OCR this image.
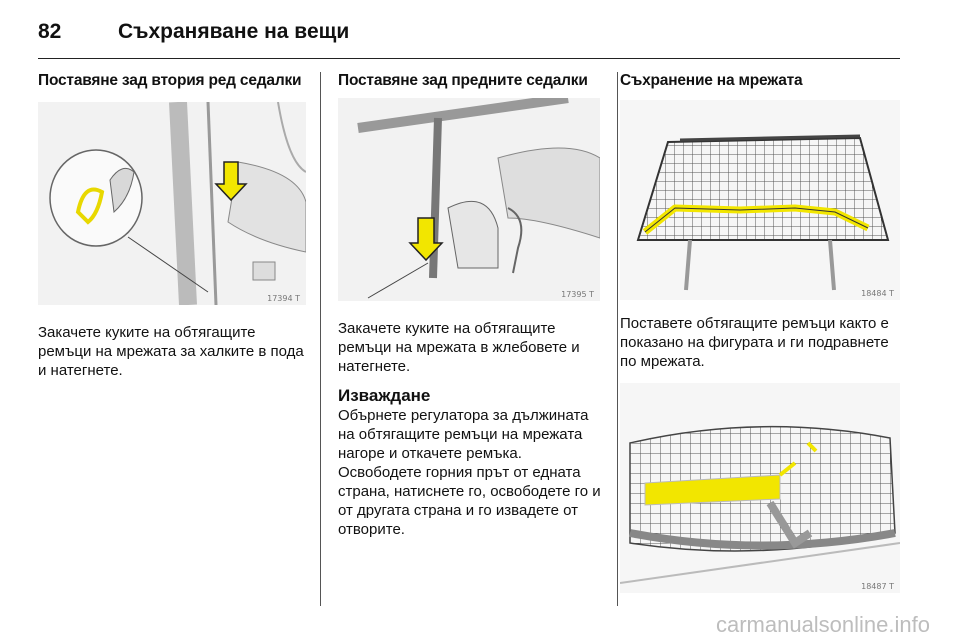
82	Съхраняване на вещи
Поставяне зад втория ред седалки
17394 T
Закачете куките на обтягащите ремъци на мрежата за халките в пода и натегнете.
Поставяне зад предните седалки
17395 T
Закачете куките на обтягащите ремъци на мрежата в жлебовете и натегнете.
Изваждане
Обърнете регулатора за дължината на обтягащите ремъци на мрежата нагоре и откачете ремъка. Освободете горния прът от едната страна, натиснете го, освободете го и от другата страна и го извадете от отворите.
Съхранение на мрежата
18484 T
Поставете обтягащите ремъци както е показано на фигурата и ги подравнете по мрежата.
18487 T
carmanualsonline.info
